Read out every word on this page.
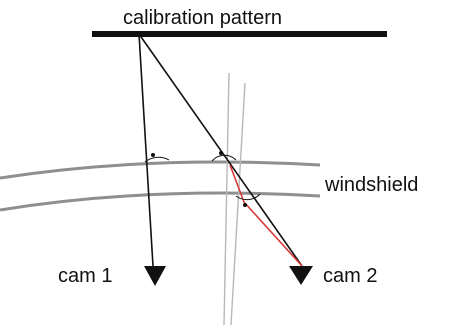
calibration pattern
windshield
cam 1	cam 2
